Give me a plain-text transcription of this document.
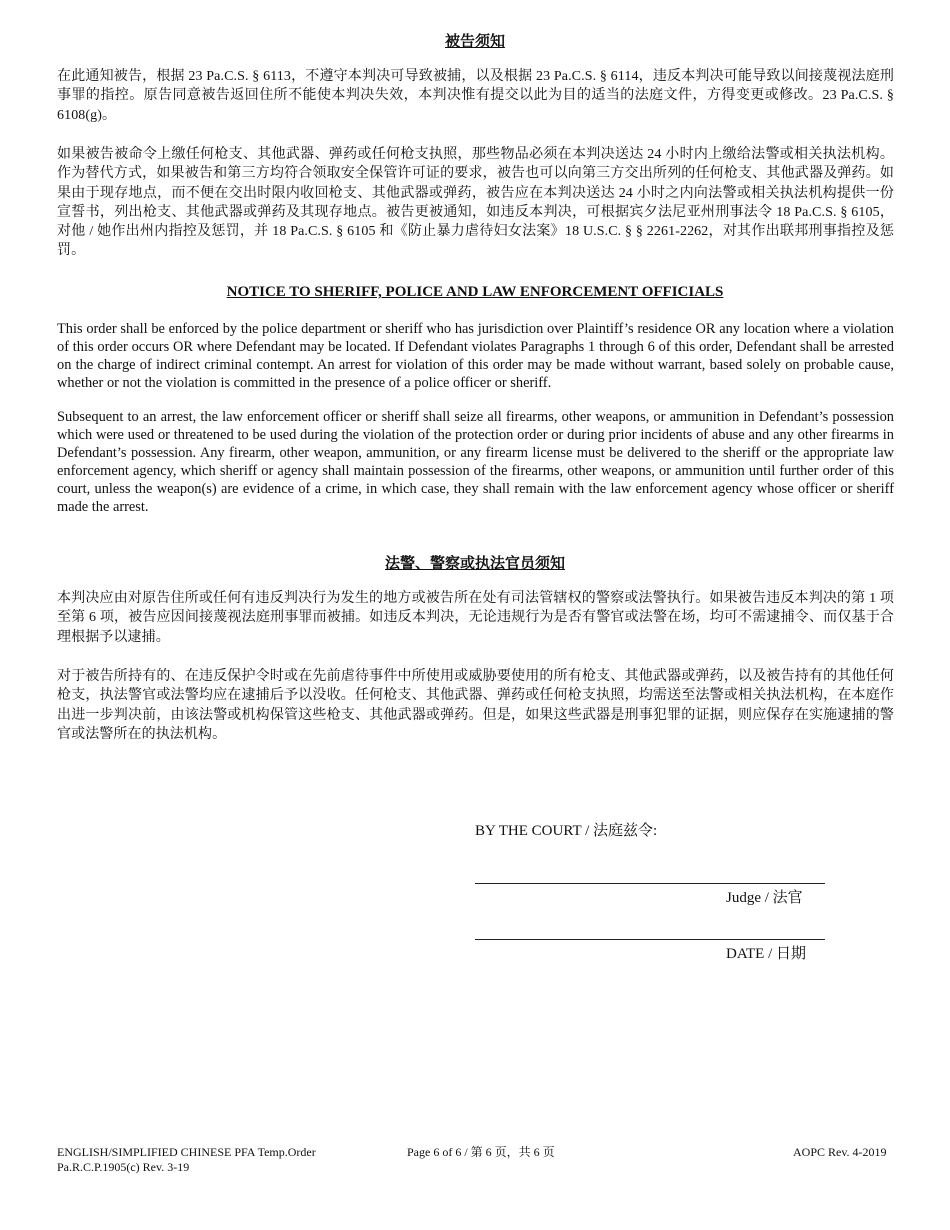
被告须知

在此通知被告，根据 23 Pa.C.S. § 6113，不遵守本判决可导致被捕，以及根据 23 Pa.C.S. § 6114，违反本判决可能导致以间接蔑视法庭刑事罪的指控。原告同意被告返回住所不能使本判决失效，本判决惟有提交以此为目的适当的法庭文件，方得变更或修改。23 Pa.C.S. § 6108(g)。

如果被告被命令上缴任何枪支、其他武器、弹药或任何枪支执照，那些物品必须在本判决送达 24 小时内上缴给法警或相关执法机构。作为替代方式，如果被告和第三方均符合领取安全保管许可证的要求，被告也可以向第三方交出所列的任何枪支、其他武器及弹药。如果由于现存地点，而不便在交出时限内收回枪支、其他武器或弹药，被告应在本判决送达 24 小时之内向法警或相关执法机构提供一份宣誓书，列出枪支、其他武器或弹药及其现存地点。被告更被通知，如违反本判决，可根据宾夕法尼亚州刑事法令 18 Pa.C.S. § 6105，对他 / 她作出州内指控及惩罚，并 18 Pa.C.S. § 6105 和《防止暴力虐待妇女法案》18 U.S.C. § § 2261-2262，对其作出联邦刑事指控及惩罚。

NOTICE TO SHERIFF, POLICE AND LAW ENFORCEMENT OFFICIALS

This order shall be enforced by the police department or sheriff who has jurisdiction over Plaintiff’s residence OR any location where a violation of this order occurs OR where Defendant may be located. If Defendant violates Paragraphs 1 through 6 of this order, Defendant shall be arrested on the charge of indirect criminal contempt. An arrest for violation of this order may be made without warrant, based solely on probable cause, whether or not the violation is committed in the presence of a police officer or sheriff.

Subsequent to an arrest, the law enforcement officer or sheriff shall seize all firearms, other weapons, or ammunition in Defendant’s possession which were used or threatened to be used during the violation of the protection order or during prior incidents of abuse and any other firearms in Defendant’s possession. Any firearm, other weapon, ammunition, or any firearm license must be delivered to the sheriff or the appropriate law enforcement agency, which sheriff or agency shall maintain possession of the firearms, other weapons, or ammunition until further order of this court, unless the weapon(s) are evidence of a crime, in which case, they shall remain with the law enforcement agency whose officer or sheriff made the arrest.

法警、警察或执法官员须知

本判决应由对原告住所或任何有违反判决行为发生的地方或被告所在处有司法管辖权的警察或法警执行。如果被告违反本判决的第 1 项至第 6 项，被告应因间接蔑视法庭刑事罪而被捕。如违反本判决，无论违规行为是否有警官或法警在场，均可不需逮捕令、而仅基于合理根据予以逮捕。

对于被告所持有的、在违反保护令时或在先前虐待事件中所使用或威胁要使用的所有枪支、其他武器或弹药，以及被告持有的其他任何枪支，执法警官或法警均应在逮捕后予以没收。任何枪支、其他武器、弹药或任何枪支执照，均需送至法警或相关执法机构，在本庭作出进一步判决前，由该法警或机构保管这些枪支、其他武器或弹药。但是，如果这些武器是刑事犯罪的证据，则应保存在实施逮捕的警官或法警所在的执法机构。

BY THE COURT / 法庭兹令:

Judge / 法官

DATE / 日期

ENGLISH/SIMPLIFIED CHINESE PFA Temp.Order

Pa.R.C.P.1905(c) Rev. 3-19

Page 6 of 6 / 第 6 页，共 6 页	AOPC Rev. 4-2019
